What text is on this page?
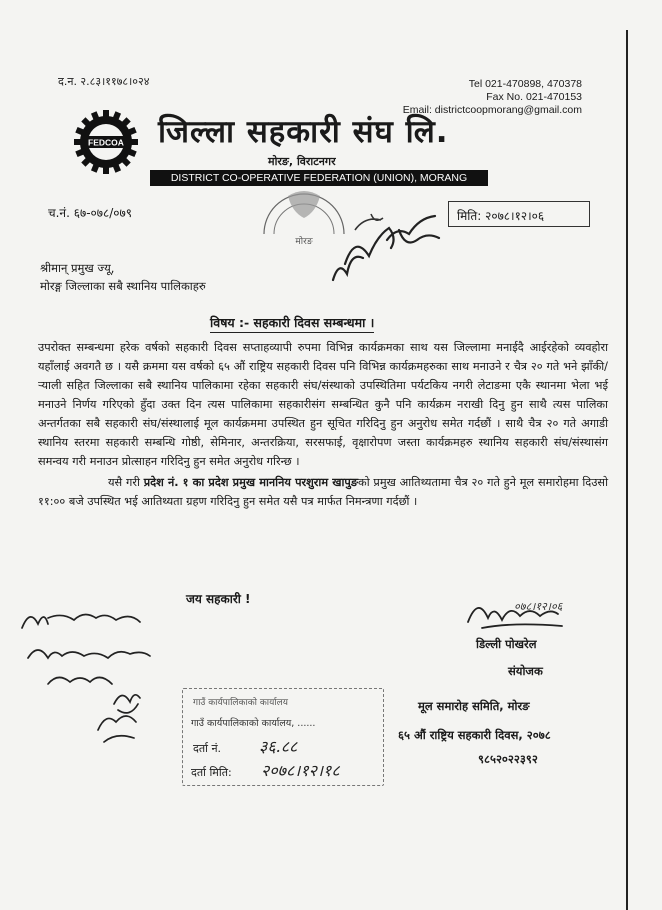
द.न. २.८३।११७८।०२४	Tel 021-470898, 470378
Fax No. 021-470153
Email: districtcoopmorang@gmail.com
FEDCOA जिल्ला सहकारी संघ लि.
मोरङ, विराटनगर
DISTRICT CO-OPERATIVE FEDERATION (UNION), MORANG
च.नं. ६७-०७८/०७९
मोरङ
मिति: २०७८।१२।०६
श्रीमान् प्रमुख ज्यू,
मोरङ्ग जिल्लाका सबै स्थानिय पालिकाहरु
विषय :- सहकारी दिवस सम्बन्धमा ।

उपरोक्त सम्बन्धमा हरेक वर्षको सहकारी दिवस सप्ताहव्यापी रुपमा विभिन्न कार्यक्रमका साथ यस जिल्लामा मनाईदै आईरहेको व्यवहोरा यहाँलाई अवगतै छ । यसै क्रममा यस वर्षको ६५ औं राष्ट्रिय सहकारी दिवस पनि विभिन्न कार्यक्रमहरुका साथ मनाउने र चैत्र २० गते भने झाँकी/र्‍याली सहित जिल्लाका सबै स्थानिय पालिकामा रहेका सहकारी संघ/संस्थाको उपस्थितिमा पर्यटकिय नगरी लेटाङमा एकै स्थानमा भेला भई मनाउने निर्णय गरिएको हुँदा उक्त दिन त्यस पालिकामा सहकारीसंग सम्बन्धित कुनै पनि कार्यक्रम नराखी दिनु हुन साथै त्यस पालिका अन्तर्गतका सबै सहकारी संघ/संस्थालाई मूल कार्यक्रममा उपस्थित हुन सूचित गरिदिनु हुन अनुरोध समेत गर्दछौं । साथै चैत्र २० गते अगाडी स्थानिय स्तरमा सहकारी सम्बन्धि गोष्ठी, सेमिनार, अन्तरक्रिया, सरसफाई, वृक्षारोपण जस्ता कार्यक्रमहरु स्थानिय सहकारी संघ/संस्थासंग समन्वय गरी मनाउन प्रोत्साहन गरिदिनु हुन समेत अनुरोध गरिन्छ ।

यसै गरी प्रदेश नं. १ का प्रदेश प्रमुख माननिय परशुराम खापुङको प्रमुख आतिथ्यतामा चैत्र २० गते हुने मूल समारोहमा दिउसो ११:०० बजे उपस्थित भई आतिथ्यता ग्रहण गरिदिनु हुन समेत यसै पत्र मार्फत निमन्त्रणा गर्दछौं ।

जय सहकारी !
०७८।१२।०६
डिल्ली पोखरेल
संयोजक
मूल समारोह समिति, मोरङ
६५ औं राष्ट्रिय सहकारी दिवस, २०७८
९८५२०२२३९२
गाउँ कार्यपालिकाको कार्यालय
गाउँ कार्यपालिकाको कार्यालय, ......
दर्ता नं. ३६.८८
दर्ता मिति: २०७८।१२।१८
